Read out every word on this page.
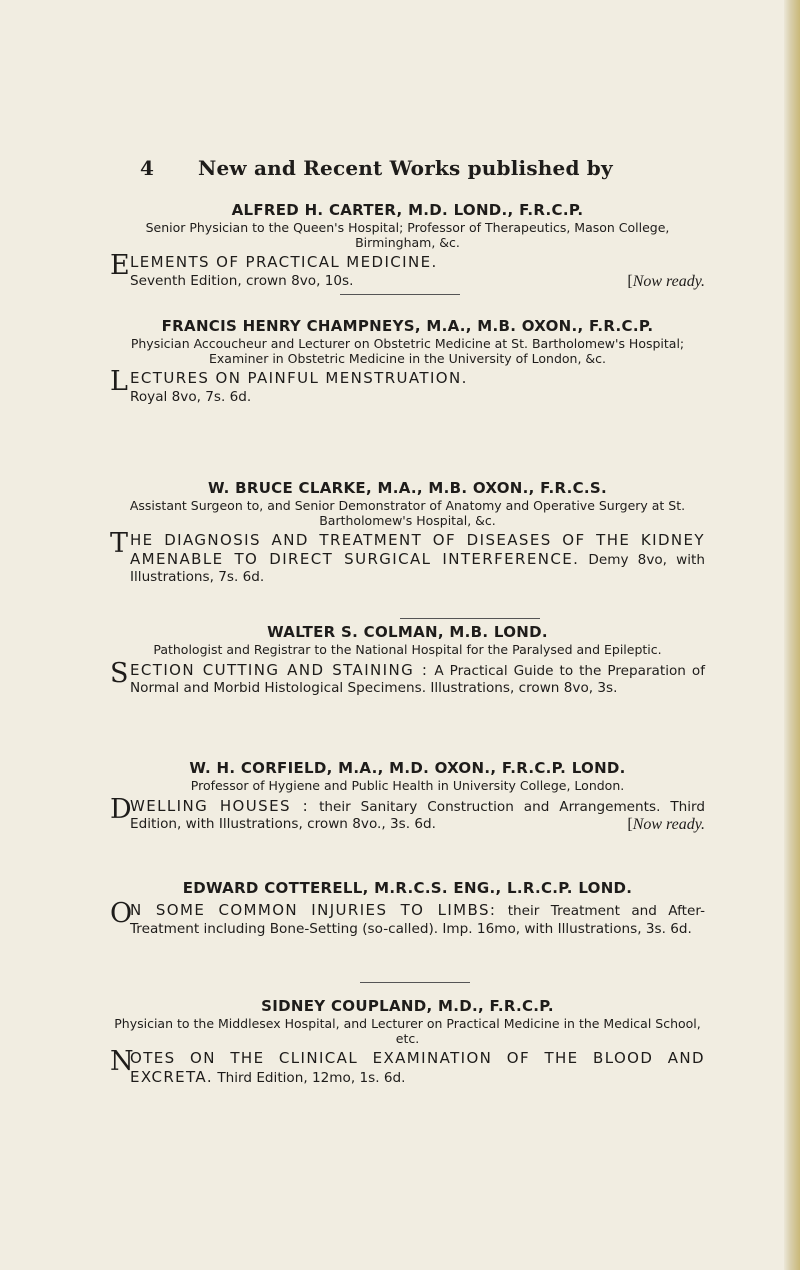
4 New and Recent Works published by
ALFRED H. CARTER, M.D. LOND., F.R.C.P.
Senior Physician to the Queen's Hospital; Professor of Therapeutics, Mason College, Birmingham, &c.
E LEMENTS OF PRACTICAL MEDICINE.
Seventh Edition, crown 8vo, 10s.	[Now ready.
FRANCIS HENRY CHAMPNEYS, M.A., M.B. OXON., F.R.C.P.
Physician Accoucheur and Lecturer on Obstetric Medicine at St. Bartholomew's Hospital; Examiner in Obstetric Medicine in the University of London, &c.
L ECTURES ON PAINFUL MENSTRUATION.
Royal 8vo, 7s. 6d.
W. BRUCE CLARKE, M.A., M.B. OXON., F.R.C.S.
Assistant Surgeon to, and Senior Demonstrator of Anatomy and Operative Surgery at St. Bartholomew's Hospital, &c.
T HE DIAGNOSIS AND TREATMENT OF DISEASES OF THE KIDNEY AMENABLE TO DIRECT SURGICAL INTERFERENCE. Demy 8vo, with Illustrations, 7s. 6d.
WALTER S. COLMAN, M.B. LOND.
Pathologist and Registrar to the National Hospital for the Paralysed and Epileptic.
S ECTION CUTTING AND STAINING : A Practical Guide to the Preparation of Normal and Morbid Histological Specimens. Illustrations, crown 8vo, 3s.
W. H. CORFIELD, M.A., M.D. OXON., F.R.C.P. LOND.
Professor of Hygiene and Public Health in University College, London.
D
WELLING HOUSES : their Sanitary Construction and Arrangements. Third Edition, with Illustrations, crown 8vo., 3s. 6d.	[Now ready.
EDWARD COTTERELL, M.R.C.S. ENG., L.R.C.P. LOND.
O
N SOME COMMON INJURIES TO LIMBS: their Treatment and After-Treatment including Bone-Setting (so-called). Imp. 16mo, with Illustrations, 3s. 6d.
SIDNEY COUPLAND, M.D., F.R.C.P.
Physician to the Middlesex Hospital, and Lecturer on Practical Medicine in the Medical School, etc.
N
OTES ON THE CLINICAL EXAMINATION OF THE BLOOD AND EXCRETA. Third Edition, 12mo, 1s. 6d.
